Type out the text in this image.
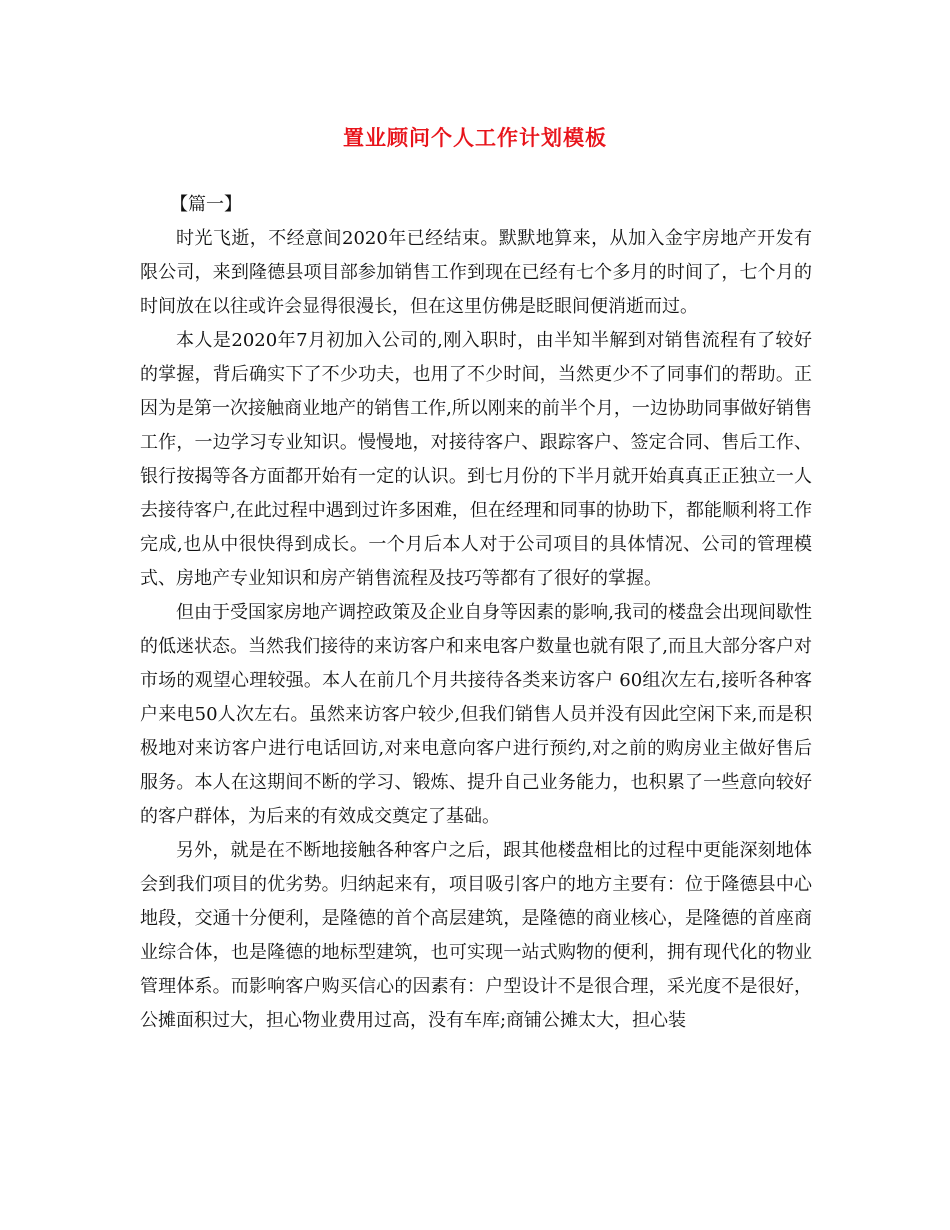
置业顾问个人工作计划模板

【篇一】

时光飞逝，不经意间2020年已经结束。默默地算来，从加入金宇房地产开发有限公司，来到隆德县项目部参加销售工作到现在已经有七个多月的时间了，七个月的时间放在以往或许会显得很漫长，但在这里仿佛是眨眼间便消逝而过。

本人是2020年7月初加入公司的,刚入职时，由半知半解到对销售流程有了较好的掌握，背后确实下了不少功夫，也用了不少时间，当然更少不了同事们的帮助。正因为是第一次接触商业地产的销售工作,所以刚来的前半个月，一边协助同事做好销售工作，一边学习专业知识。慢慢地，对接待客户、跟踪客户、签定合同、售后工作、银行按揭等各方面都开始有一定的认识。到七月份的下半月就开始真真正正独立一人去接待客户,在此过程中遇到过许多困难，但在经理和同事的协助下，都能顺利将工作完成,也从中很快得到成长。一个月后本人对于公司项目的具体情况、公司的管理模式、房地产专业知识和房产销售流程及技巧等都有了很好的掌握。

但由于受国家房地产调控政策及企业自身等因素的影响,我司的楼盘会出现间歇性的低迷状态。当然我们接待的来访客户和来电客户数量也就有限了,而且大部分客户对市场的观望心理较强。本人在前几个月共接待各类来访客户 60组次左右,接听各种客户来电50人次左右。虽然来访客户较少,但我们销售人员并没有因此空闲下来,而是积极地对来访客户进行电话回访,对来电意向客户进行预约,对之前的购房业主做好售后服务。本人在这期间不断的学习、锻炼、提升自己业务能力，也积累了一些意向较好的客户群体，为后来的有效成交奠定了基础。

另外，就是在不断地接触各种客户之后，跟其他楼盘相比的过程中更能深刻地体会到我们项目的优劣势。归纳起来有，项目吸引客户的地方主要有：位于隆德县中心地段，交通十分便利，是隆德的首个高层建筑，是隆德的商业核心，是隆德的首座商业综合体，也是隆德的地标型建筑，也可实现一站式购物的便利，拥有现代化的物业管理体系。而影响客户购买信心的因素有：户型设计不是很合理，采光度不是很好，公摊面积过大，担心物业费用过高，没有车库;商铺公摊太大，担心装
